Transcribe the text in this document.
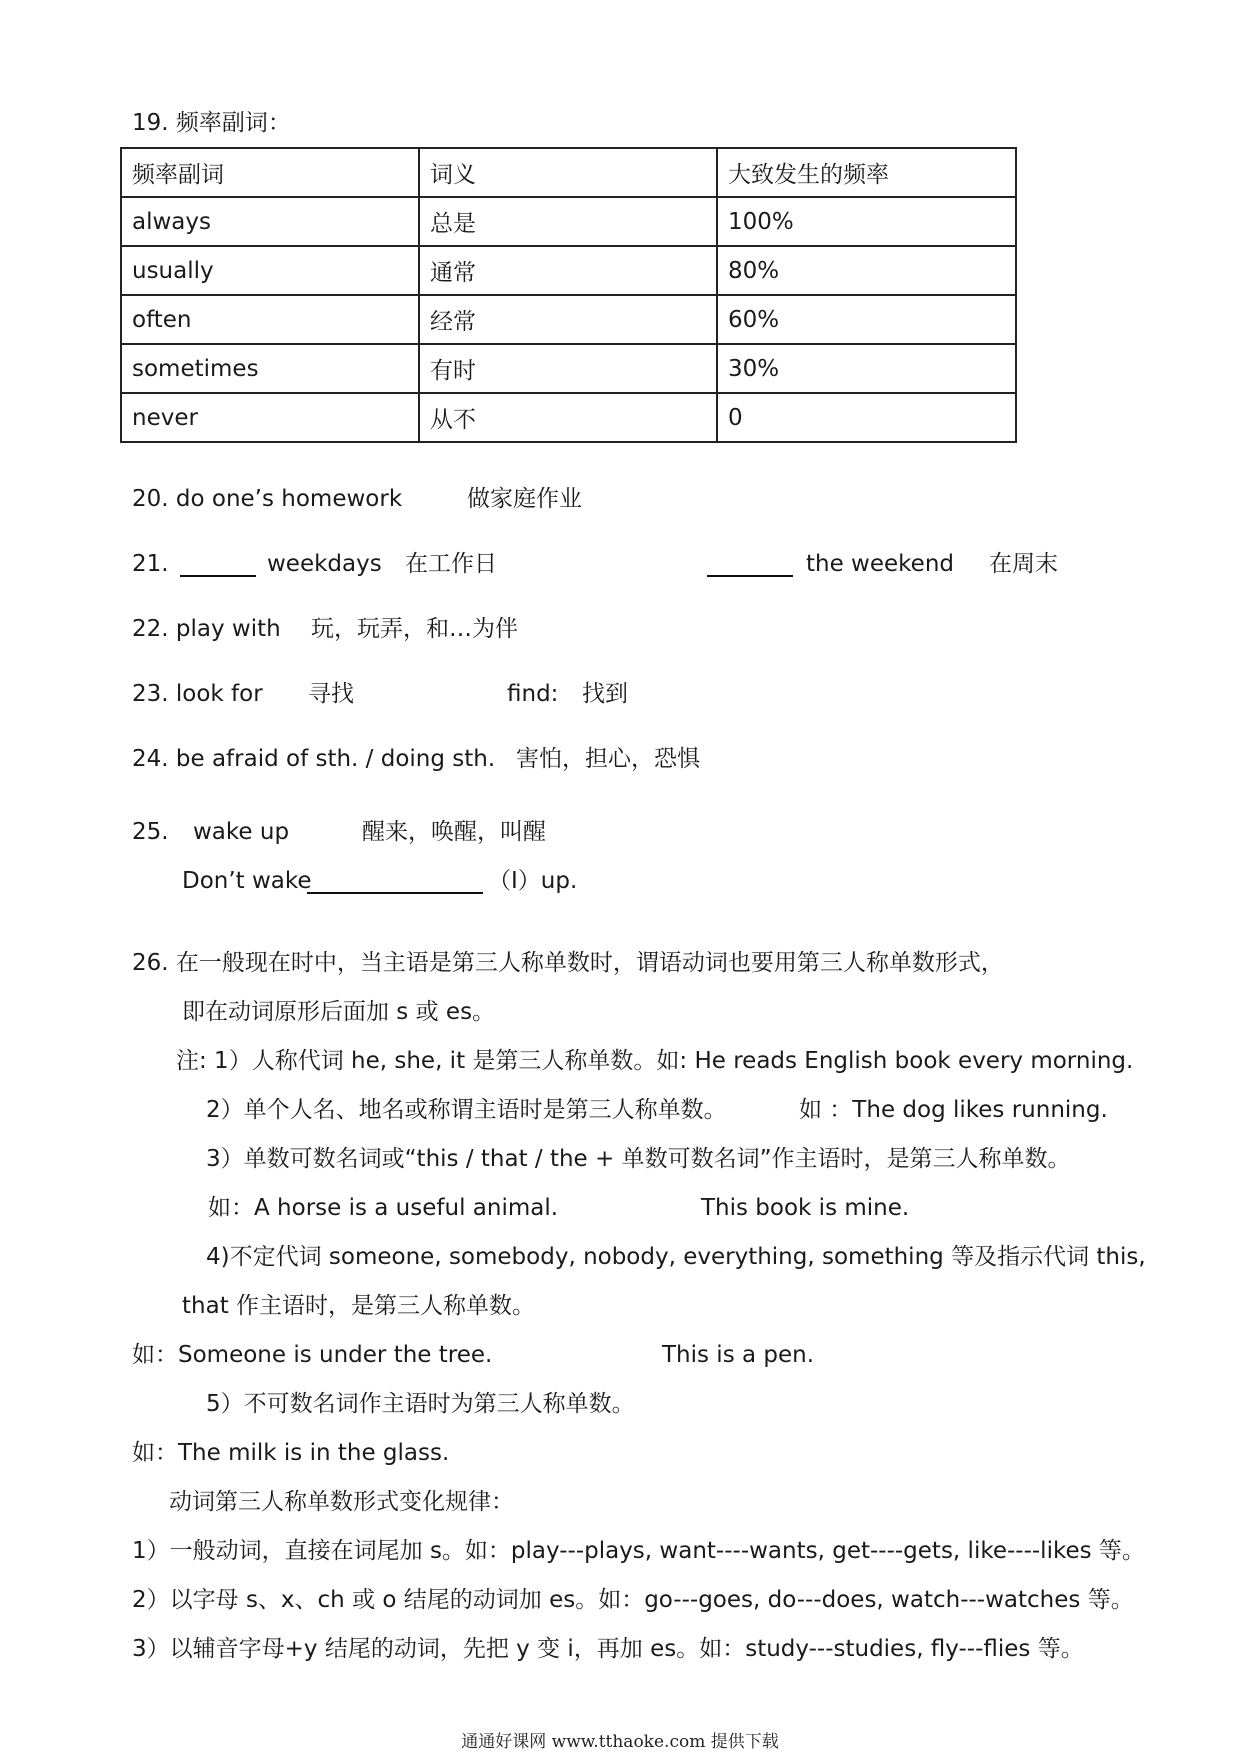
19. 频率副词：
频率副词	词义	大致发生的频率
always	总是	100%
usually	通常	80%
often	经常	60%
sometimes	有时	30%
never	从不	0
20. do one’s homework	做家庭作业
21.	weekdays 在工作日	the weekend 在周末
22. play with 玩，玩弄，和…为伴
23. look for 寻找	find: 找到
24. be afraid of sth. / doing sth. 害怕，担心，恐惧
25. wake up	醒来，唤醒，叫醒
Don’t wake	（I）up.
26. 在一般现在时中，当主语是第三人称单数时，谓语动词也要用第三人称单数形式，
即在动词原形后面加 s 或 es。
注: 1）人称代词 he, she, it 是第三人称单数。如: He reads English book every morning.
2）单个人名、地名或称谓主语时是第三人称单数。	如 ：The dog likes running.
3）单数可数名词或“this / that / the + 单数可数名词”作主语时，是第三人称单数。
如：A horse is a useful animal.	This book is mine.
4)不定代词 someone, somebody, nobody, everything, something 等及指示代词 this,
that 作主语时，是第三人称单数。
如：Someone is under the tree.	This is a pen.
5）不可数名词作主语时为第三人称单数。
如：The milk is in the glass.
动词第三人称单数形式变化规律：
1）一般动词，直接在词尾加 s。如：play---plays, want----wants, get----gets, like----likes 等。
2）以字母 s、x、ch 或 o 结尾的动词加 es。如：go---goes, do---does, watch---watches 等。
3）以辅音字母+y 结尾的动词，先把 y 变 i，再加 es。如：study---studies, fly---flies 等。
通通好课网 www.tthaoke.com 提供下载
